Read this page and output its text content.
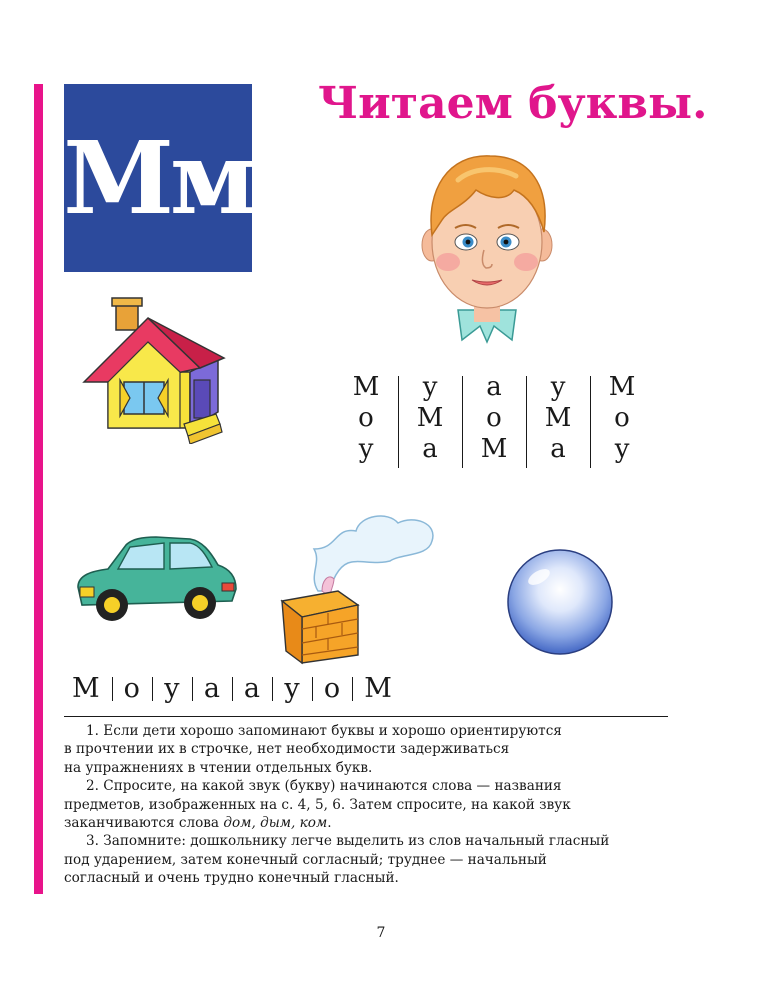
Мм
Читаем буквы.
М
о
у
у
М
а
а
о
М
у
М
а
М
о
у
М о у а а у о М
1. Если дети хорошо запоминают буквы и хорошо ориентируются
в прочтении их в строчке, нет необходимости задерживаться
на упражнениях в чтении отдельных букв.
2. Спросите, на какой звук (букву) начинаются слова — названия
предметов, изображенных на с. 4, 5, 6. Затем спросите, на какой звук
заканчиваются слова дом, дым, ком.
3. Запомните: дошкольнику легче выделить из слов начальный гласный
под ударением, затем конечный согласный; труднее — начальный
согласный и очень трудно конечный гласный.
7
